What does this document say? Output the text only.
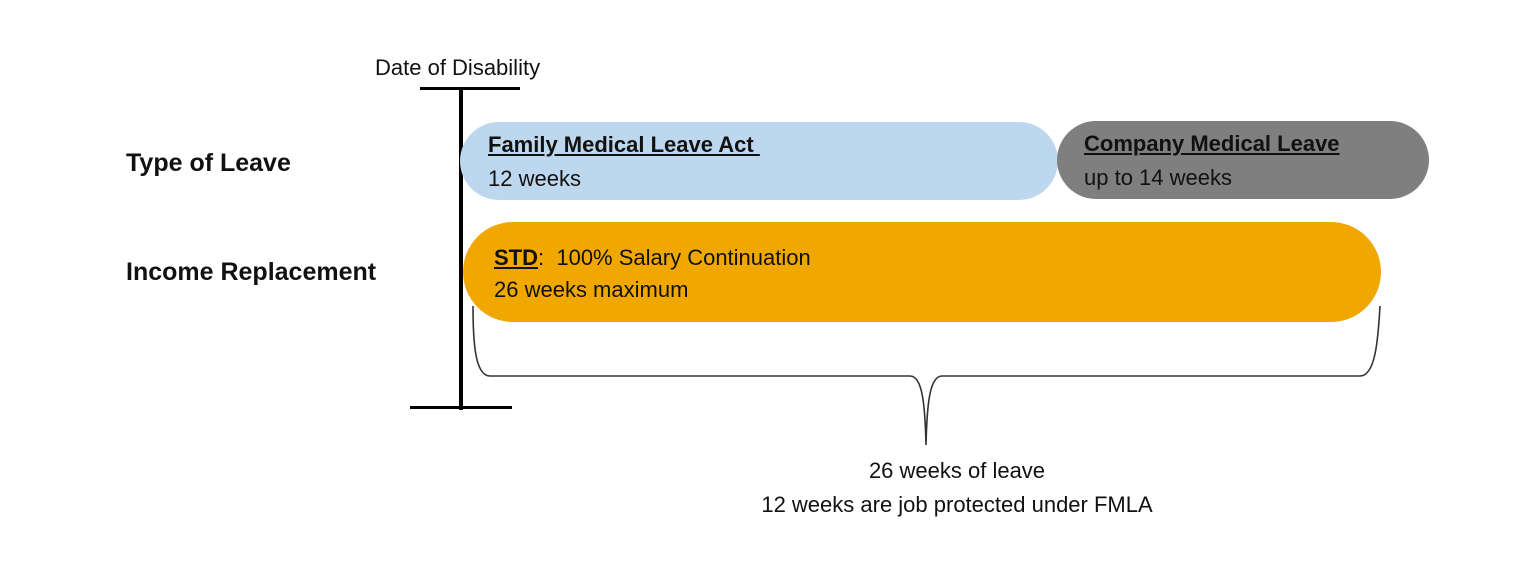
Date of Disability
Type of Leave
Income Replacement
Family Medical Leave Act
12 weeks
Company Medical Leave
up to 14 weeks
STD:  100% Salary Continuation
26 weeks maximum
26 weeks of leave
12 weeks are job protected under FMLA
